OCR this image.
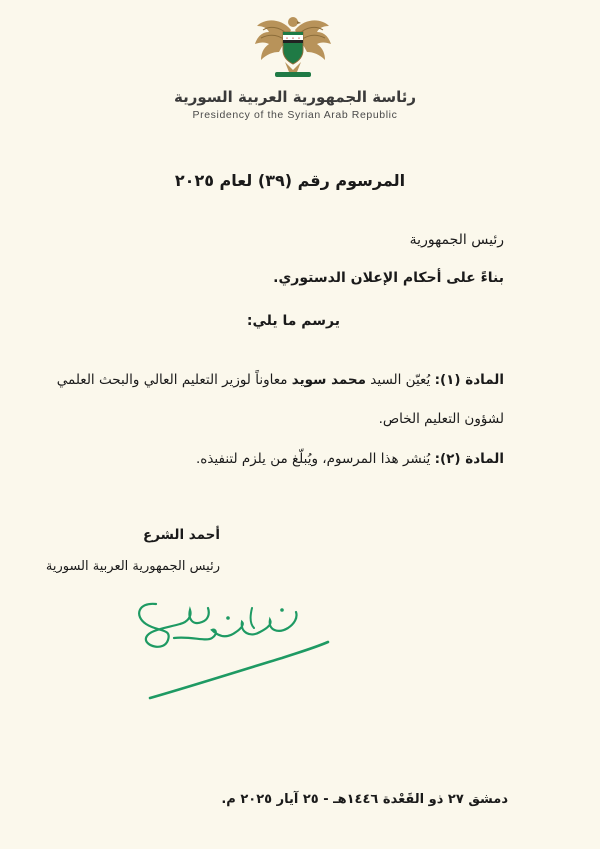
رئاسة الجمهورية العربية السورية
Presidency of the Syrian Arab Republic
المرسوم رقم (٣٩) لعام ٢٠٢٥
رئيس الجمهورية
بناءً على أحكام الإعلان الدستوري.
يرسم ما يلي:
المادة (١): يُعيّن السيد محمد سويد معاوناً لوزير التعليم العالي والبحث العلمي
لشؤون التعليم الخاص.
المادة (٢): يُنشر هذا المرسوم، ويُبلّغ من يلزم لتنفيذه.
أحمد الشرع
رئيس الجمهورية العربية السورية
دمشق ٢٧ ذو القَعْدة ١٤٤٦هـ - ٢٥ آيار ٢٠٢٥ م.
